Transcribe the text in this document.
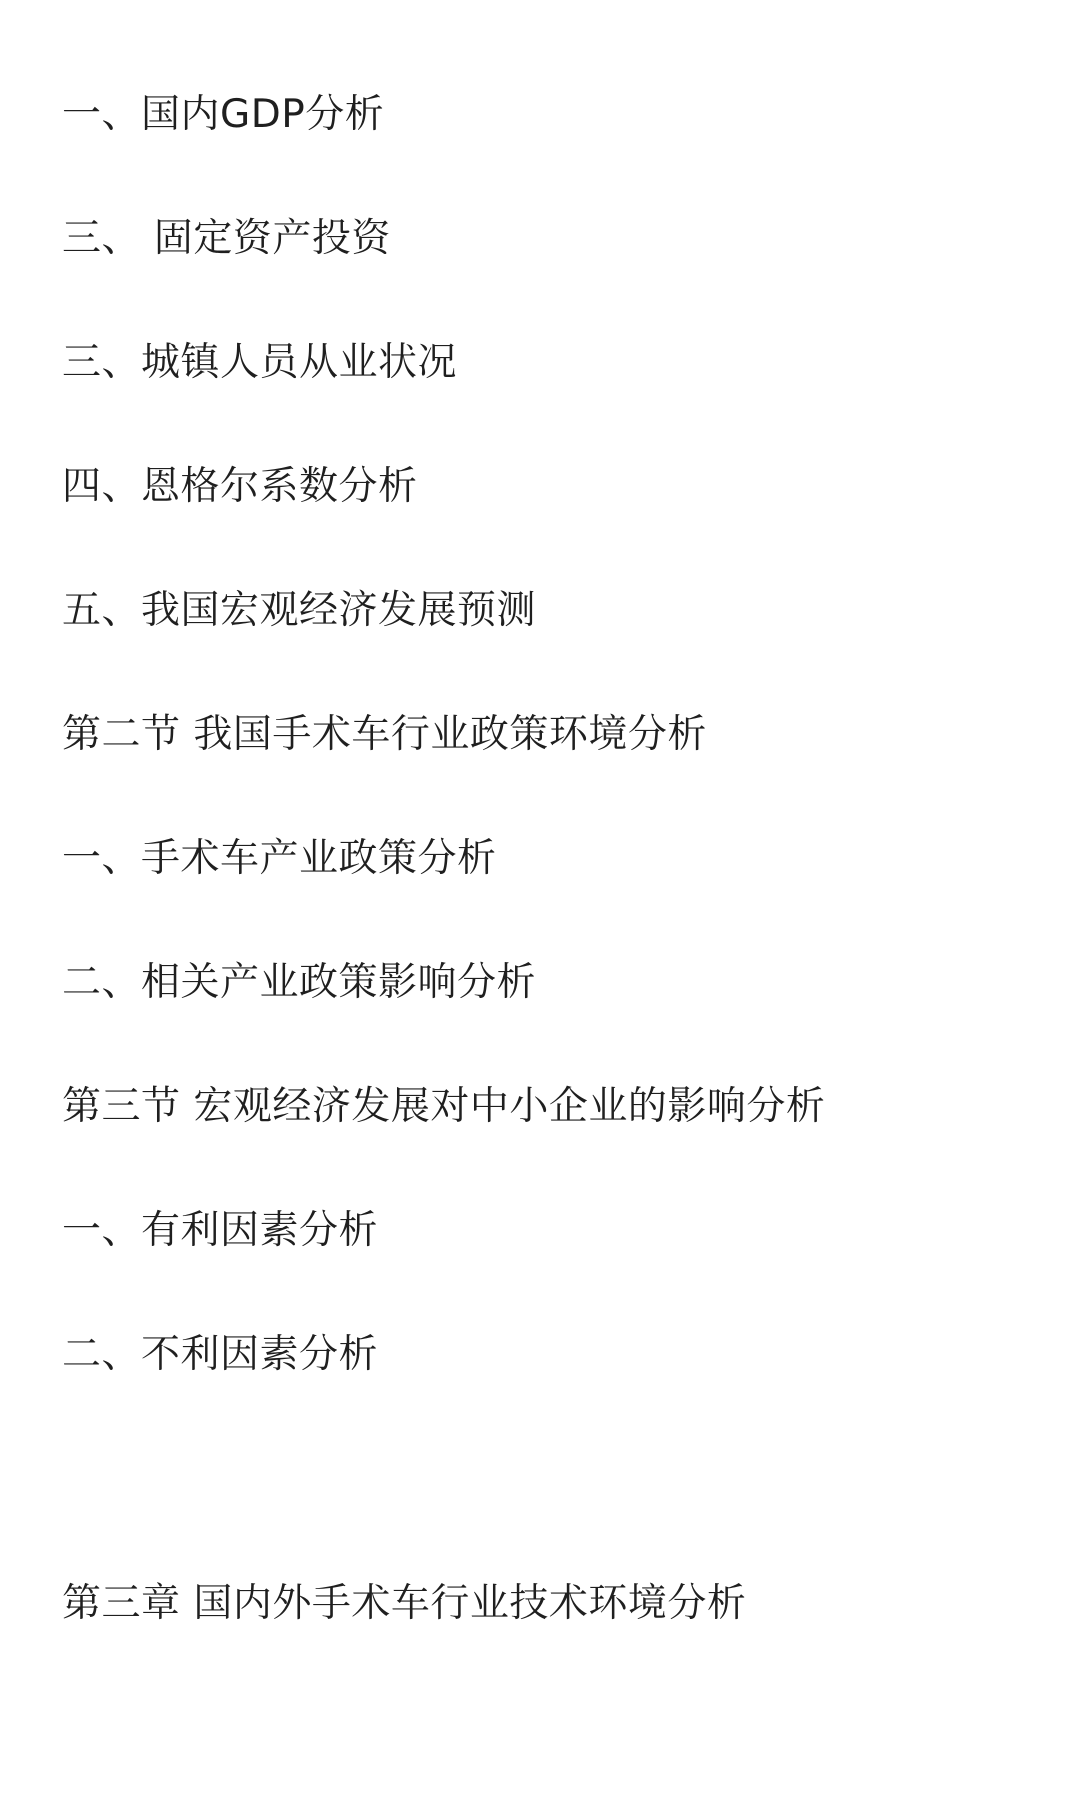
一、国内GDP分析
三、 固定资产投资
三、城镇人员从业状况
四、恩格尔系数分析
五、我国宏观经济发展预测
第二节 我国手术车行业政策环境分析
一、手术车产业政策分析
二、相关产业政策影响分析
第三节 宏观经济发展对中小企业的影响分析
一、有利因素分析
二、不利因素分析
第三章 国内外手术车行业技术环境分析
